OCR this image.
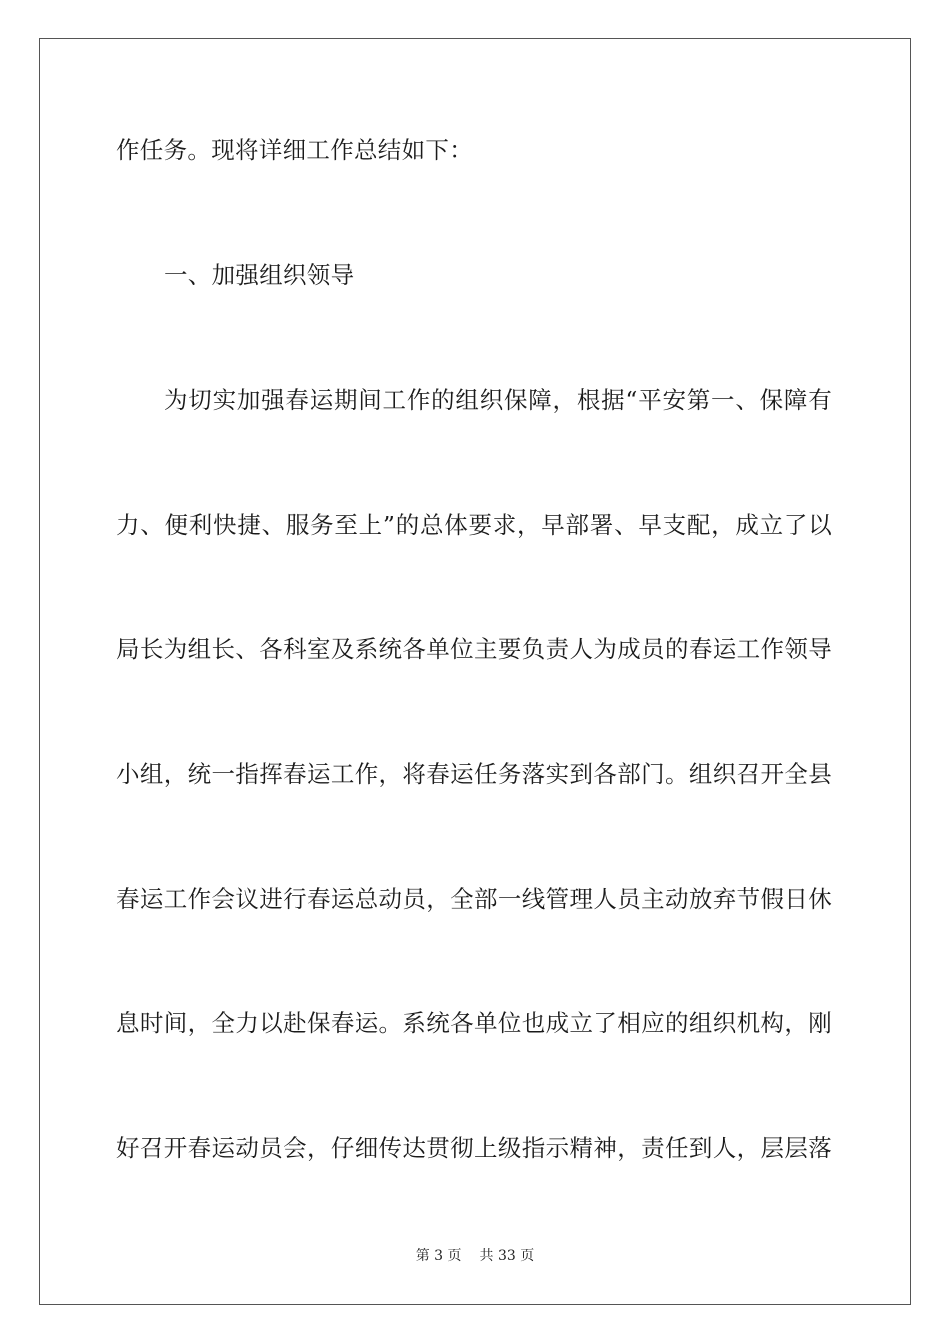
作任务。现将详细工作总结如下：
一、加强组织领导
为切实加强春运期间工作的组织保障，根据“平安第一、保障有
力、便利快捷、服务至上”的总体要求，早部署、早支配，成立了以
局长为组长、各科室及系统各单位主要负责人为成员的春运工作领导
小组，统一指挥春运工作，将春运任务落实到各部门。组织召开全县
春运工作会议进行春运总动员，全部一线管理人员主动放弃节假日休
息时间，全力以赴保春运。系统各单位也成立了相应的组织机构，刚
好召开春运动员会，仔细传达贯彻上级指示精神，责任到人，层层落
第 3 页 共 33 页
